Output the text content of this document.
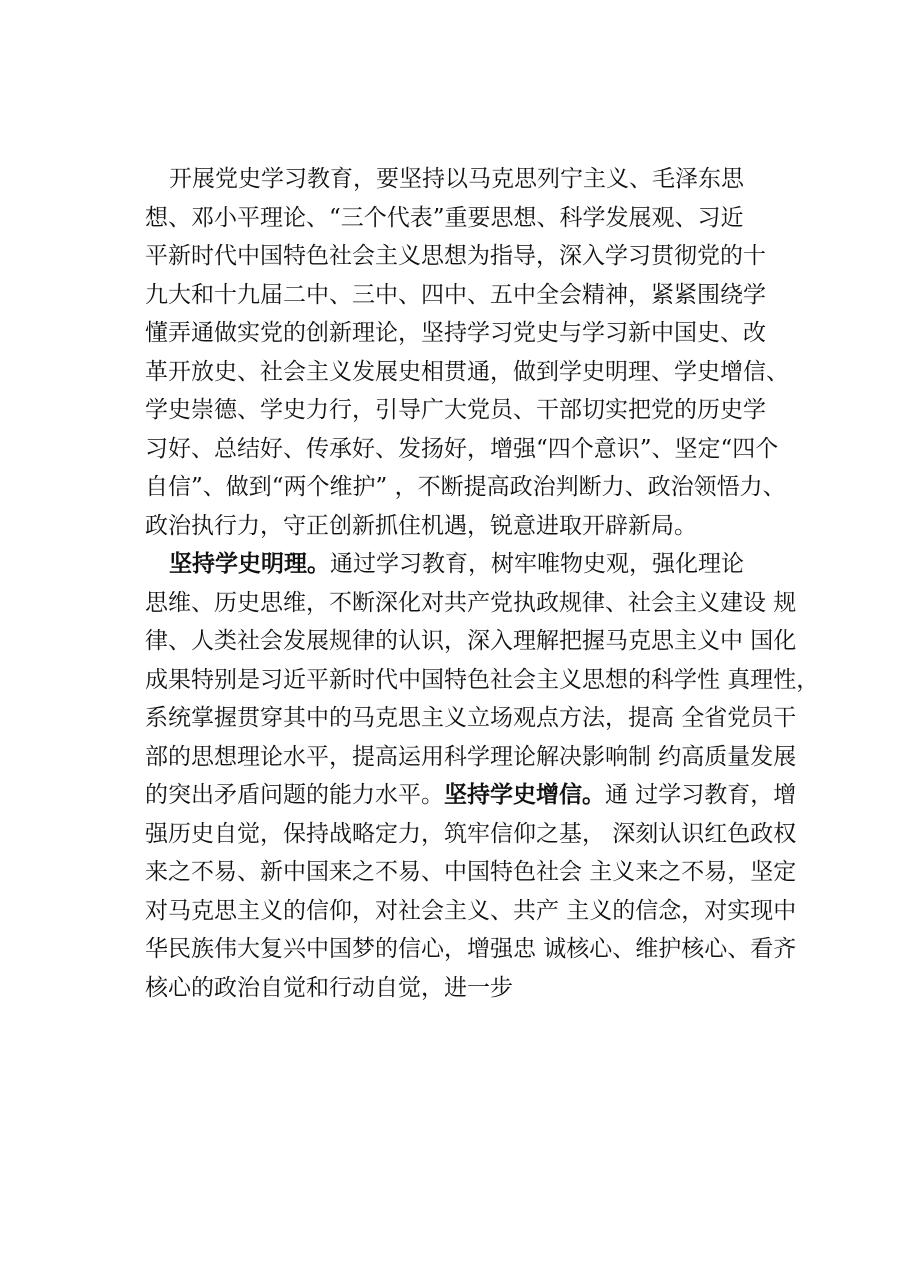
开展党史学习教育，要坚持以马克思列宁主义、毛泽东思
想、邓小平理论、“三个代表”重要思想、科学发展观、习近
平新时代中国特色社会主义思想为指导，深入学习贯彻党的十
九大和十九届二中、三中、四中、五中全会精神，紧紧围绕学
懂弄通做实党的创新理论，坚持学习党史与学习新中国史、改
革开放史、社会主义发展史相贯通，做到学史明理、学史增信、
学史崇德、学史力行，引导广大党员、干部切实把党的历史学
习好、总结好、传承好、发扬好，增强“四个意识”、坚定“四个
自信”、做到“两个维护” ，不断提高政治判断力、政治领悟力、
政治执行力，守正创新抓住机遇，锐意进取开辟新局。
坚持学史明理。通过学习教育，树牢唯物史观，强化理论
思维、历史思维，不断深化对共产党执政规律、社会主义建设 规
律、人类社会发展规律的认识，深入理解把握马克思主义中 国化
成果特别是习近平新时代中国特色社会主义思想的科学性 真理性，
系统掌握贯穿其中的马克思主义立场观点方法，提高 全省党员干
部的思想理论水平，提高运用科学理论解决影响制 约高质量发展
的突出矛盾问题的能力水平。坚持学史增信。通 过学习教育，增
强历史自觉，保持战略定力，筑牢信仰之基， 深刻认识红色政权
来之不易、新中国来之不易、中国特色社会 主义来之不易，坚定
对马克思主义的信仰，对社会主义、共产 主义的信念，对实现中
华民族伟大复兴中国梦的信心，增强忠 诚核心、维护核心、看齐
核心的政治自觉和行动自觉，进一步
